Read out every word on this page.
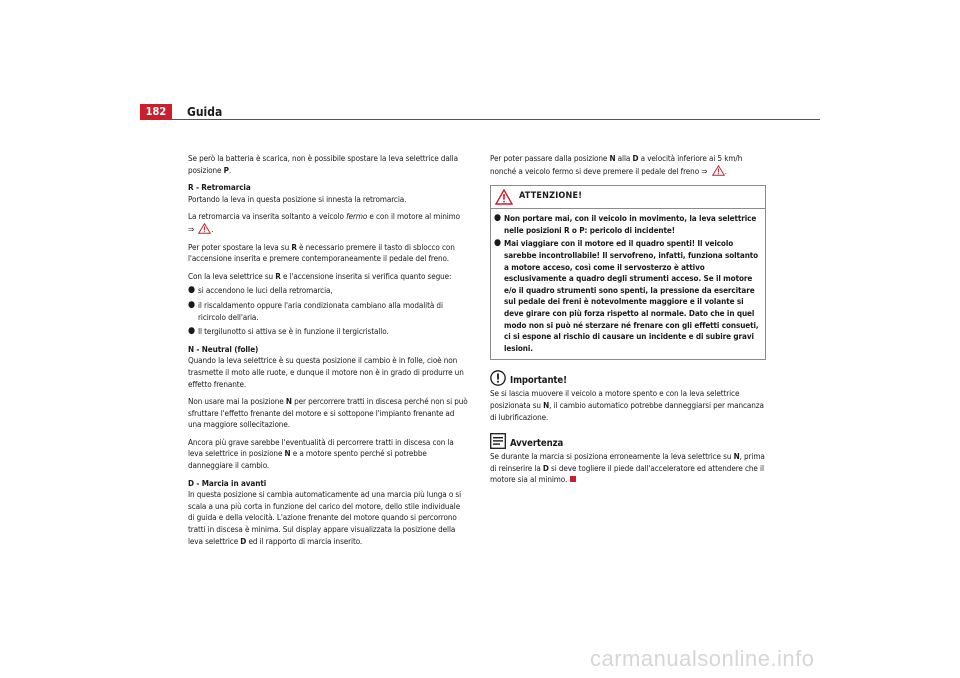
182	Guida

Se però la batteria è scarica, non è possibile spostare la leva selettrice dalla posizione P.

R - Retromarcia

Portando la leva in questa posizione si innesta la retromarcia.

La retromarcia va inserita soltanto a veicolo fermo e con il motore al minimo
⇒ .

Per poter spostare la leva su R è necessario premere il tasto di sblocco con l'accensione inserita e premere contemporaneamente il pedale del freno.

Con la leva selettrice su R e l'accensione inserita si verifica quanto segue:

● si accendono le luci della retromarcia,
● il riscaldamento oppure l'aria condizionata cambiano alla modalità di ricircolo dell'aria.
● Il tergilunotto si attiva se è in funzione il tergicristallo.

N - Neutral (folle)

Quando la leva selettrice è su questa posizione il cambio è in folle, cioè non trasmette il moto alle ruote, e dunque il motore non è in grado di produrre un effetto frenante.

Non usare mai la posizione N per percorrere tratti in discesa perché non si può sfruttare l'effetto frenante del motore e si sottopone l'impianto frenante ad una maggiore sollecitazione.

Ancora più grave sarebbe l'eventualità di percorrere tratti in discesa con la leva selettrice in posizione N e a motore spento perché si potrebbe danneggiare il cambio.

D - Marcia in avanti

In questa posizione si cambia automaticamente ad una marcia più lunga o si scala a una più corta in funzione del carico del motore, dello stile individuale di guida e della velocità. L'azione frenante del motore quando si percorrono tratti in discesa è minima. Sul display appare visualizzata la posizione della leva selettrice D ed il rapporto di marcia inserito.

Per poter passare dalla posizione N alla D a velocità inferiore ai 5 km/h nonché a veicolo fermo si deve premere il pedale del freno ⇒ .

ATTENZIONE!
● Non portare mai, con il veicolo in movimento, la leva selettrice nelle posizioni R o P: pericolo di incidente!
● Mai viaggiare con il motore ed il quadro spenti! Il veicolo sarebbe incontrollabile! Il servofreno, infatti, funziona soltanto a motore acceso, così come il servosterzo è attivo esclusivamente a quadro degli strumenti acceso. Se il motore e/o il quadro strumenti sono spenti, la pressione da esercitare sul pedale dei freni è notevolmente maggiore e il volante si deve girare con più forza rispetto al normale. Dato che in quel modo non si può né sterzare né frenare con gli effetti consueti, ci si espone al rischio di causare un incidente e di subire gravi lesioni.
Importante!

Se si lascia muovere il veicolo a motore spento e con la leva selettrice posizionata su N, il cambio automatico potrebbe danneggiarsi per mancanza di lubrificazione.

Avvertenza

Se durante la marcia si posiziona erroneamente la leva selettrice su N, prima di reinserire la D si deve togliere il piede dall'acceleratore ed attendere che il motore sia al minimo.

carmanualsonline.info
